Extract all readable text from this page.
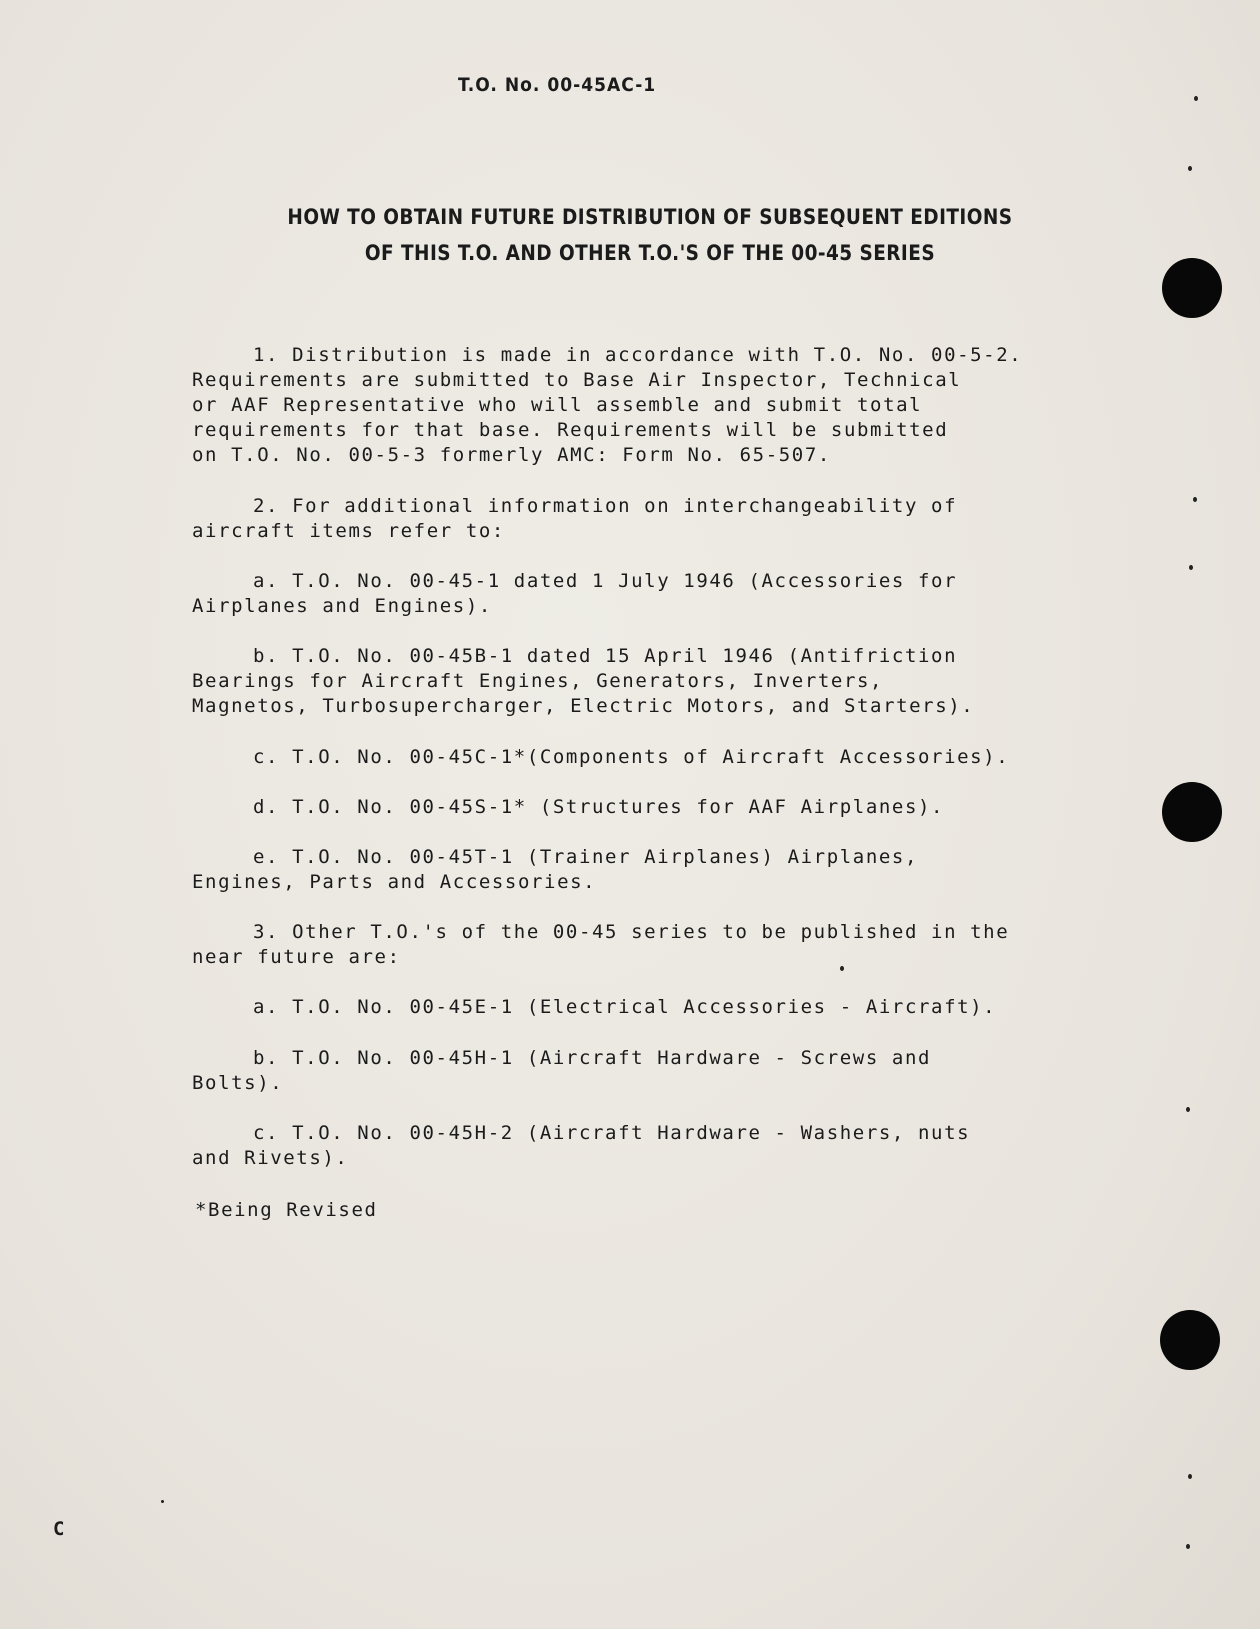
T.O. No. 00-45AC-1
HOW TO OBTAIN FUTURE DISTRIBUTION OF SUBSEQUENT EDITIONS
OF THIS T.O. AND OTHER T.O.'S OF THE 00-45 SERIES
1. Distribution is made in accordance with T.O. No. 00-5-2.
Requirements are submitted to Base Air Inspector, Technical
or AAF Representative who will assemble and submit total
requirements for that base. Requirements will be submitted
on T.O. No. 00-5-3 formerly AMC: Form No. 65-507.
2. For additional information on interchangeability of
aircraft items refer to:
a. T.O. No. 00-45-1 dated 1 July 1946 (Accessories for
Airplanes and Engines).
b. T.O. No. 00-45B-1 dated 15 April 1946 (Antifriction
Bearings for Aircraft Engines, Generators, Inverters,
Magnetos, Turbosupercharger, Electric Motors, and Starters).
c. T.O. No. 00-45C-1*(Components of Aircraft Accessories).
d. T.O. No. 00-45S-1* (Structures for AAF Airplanes).
e. T.O. No. 00-45T-1 (Trainer Airplanes) Airplanes,
Engines, Parts and Accessories.
3. Other T.O.'s of the 00-45 series to be published in the
near future are:
a. T.O. No. 00-45E-1 (Electrical Accessories - Aircraft).
b. T.O. No. 00-45H-1 (Aircraft Hardware - Screws and
Bolts).
c. T.O. No. 00-45H-2 (Aircraft Hardware - Washers, nuts
and Rivets).
*Being Revised
C
